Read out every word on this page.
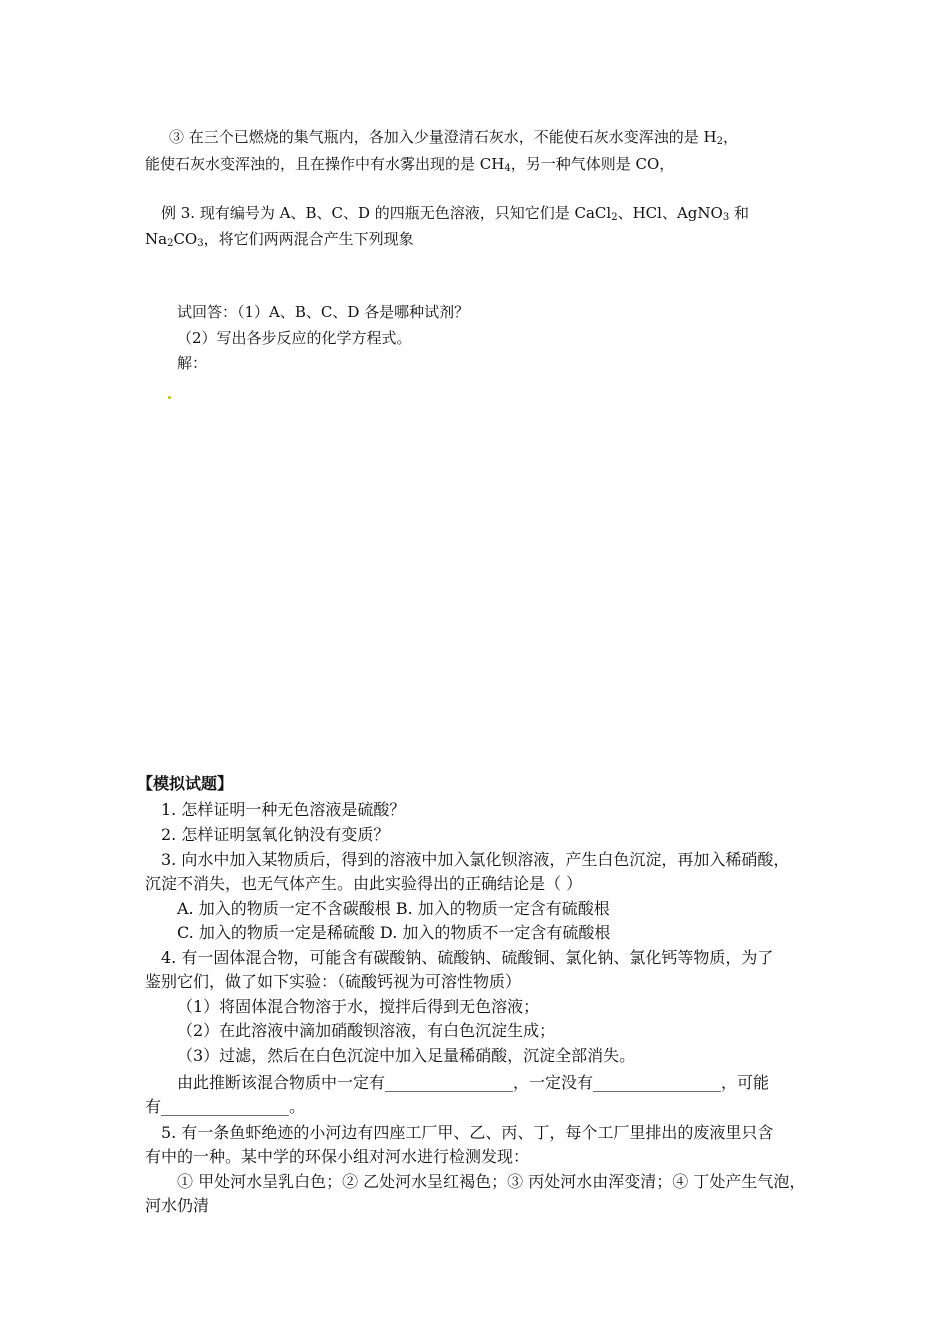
③ 在三个已燃烧的集气瓶内，各加入少量澄清石灰水，不能使石灰水变浑浊的是 $H_2$，
能使石灰水变浑浊的，且在操作中有水雾出现的是 $CH_4$，另一种气体则是 CO，
例 3. 现有编号为 A、B、C、D 的四瓶无色溶液，只知它们是 CaCl$_2$、HCl、AgNO$_3$ 和
$Na_2CO_3$，将它们两两混合产生下列现象
试回答：（1）A、B、C、D 各是哪种试剂？
（2）写出各步反应的化学方程式。
解：
【模拟试题】
1. 怎样证明一种无色溶液是硫酸？
2. 怎样证明氢氧化钠没有变质？
3. 向水中加入某物质后，得到的溶液中加入氯化钡溶液，产生白色沉淀，再加入稀硝酸，
沉淀不消失，也无气体产生。由此实验得出的正确结论是（ ）
A. 加入的物质一定不含碳酸根 B. 加入的物质一定含有硫酸根
C. 加入的物质一定是稀硫酸 D. 加入的物质不一定含有硫酸根
4. 有一固体混合物，可能含有碳酸钠、硫酸钠、硫酸铜、氯化钠、氯化钙等物质，为了
鉴别它们，做了如下实验：（硫酸钙视为可溶性物质）
（1）将固体混合物溶于水，搅拌后得到无色溶液；
（2）在此溶液中滴加硝酸钡溶液，有白色沉淀生成；
（3）过滤，然后在白色沉淀中加入足量稀硝酸，沉淀全部消失。
由此推断该混合物质中一定有________________，一定没有________________，可能
有________________。
5. 有一条鱼虾绝迹的小河边有四座工厂甲、乙、丙、丁，每个工厂里排出的废液里只含
有中的一种。某中学的环保小组对河水进行检测发现：
① 甲处河水呈乳白色；② 乙处河水呈红褐色；③ 丙处河水由浑变清；④ 丁处产生气泡，
河水仍清
